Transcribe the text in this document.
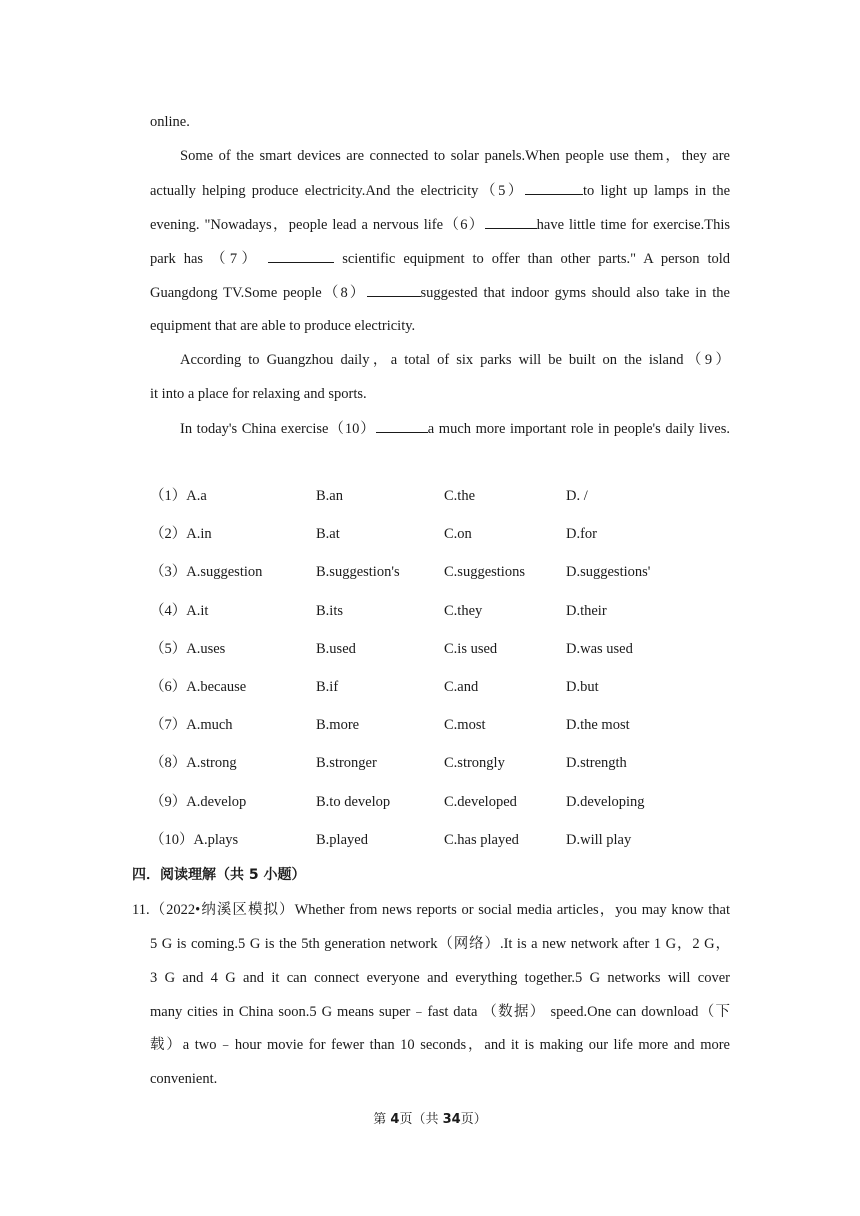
online.
Some of the smart devices are connected to solar panels.When people use them，they are
actually helping produce electricity.And the electricity（5）	to light up lamps in the
evening. "Nowadays，people lead a nervous life（6）	have little time for exercise.This
park has （7）	scientific equipment to offer than other parts." A person told
Guangdong TV.Some people（8）	suggested that indoor gyms should also take in the
equipment that are able to produce electricity.
According to Guangzhou daily，a total of six parks will be built on the island（9）
it into a place for relaxing and sports.
In today's China exercise（10）	a much more important role in people's daily lives.
（1）A.a	B.an	C.the	D. /
（2）A.in	B.at	C.on	D.for
（3）A.suggestion	B.suggestion's	C.suggestions	D.suggestions'
（4）A.it	B.its	C.they	D.their
（5）A.uses	B.used	C.is used	D.was used
（6）A.because	B.if	C.and	D.but
（7）A.much	B.more	C.most	D.the most
（8）A.strong	B.stronger	C.strongly	D.strength
（9）A.develop	B.to develop	C.developed	D.developing
（10）A.plays	B.played	C.has played	D.will play
四．阅读理解（共 5 小题）
11.（2022•纳溪区模拟）Whether from news reports or social media articles，you may know that
5 G is coming.5 G is the 5th generation network（网络）.It is a new network after 1 G，2 G，
3 G and 4 G and it can connect everyone and everything together.5 G networks will cover
many cities in China soon.5 G means super﹣fast data （数据） speed.One can download（下
载）a two﹣hour movie for fewer than 10 seconds，and it is making our life more and more
convenient.
第 4页（共 34页）
